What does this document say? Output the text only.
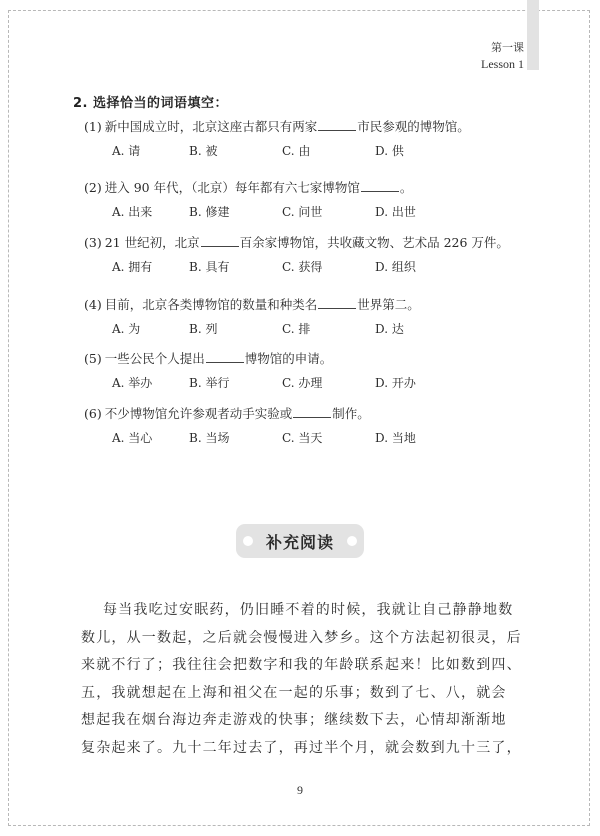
第一课
Lesson 1
2. 选择恰当的词语填空：
(1) 新中国成立时，北京这座古都只有两家	市民参观的博物馆。
A. 请	B. 被	C. 由	D. 供
(2) 进入 90 年代，（北京）每年都有六七家博物馆	。
A. 出来	B. 修建	C. 问世	D. 出世
(3) 21 世纪初，北京	百余家博物馆，共收藏文物、艺术品 226 万件。
A. 拥有	B. 具有	C. 获得	D. 组织
(4) 目前，北京各类博物馆的数量和种类名	世界第二。
A. 为	B. 列	C. 排	D. 达
(5) 一些公民个人提出	博物馆的申请。
A. 举办	B. 举行	C. 办理	D. 开办
(6) 不少博物馆允许参观者动手实验或	制作。
A. 当心	B. 当场	C. 当天	D. 当地
补充阅读
每当我吃过安眠药，仍旧睡不着的时候，我就让自己静静地数
数儿，从一数起，之后就会慢慢进入梦乡。这个方法起初很灵，后
来就不行了；我往往会把数字和我的年龄联系起来！比如数到四、
五，我就想起在上海和祖父在一起的乐事；数到了七、八，就会
想起我在烟台海边奔走游戏的快事；继续数下去，心情却渐渐地
复杂起来了。九十二年过去了，再过半个月，就会数到九十三了，
9
